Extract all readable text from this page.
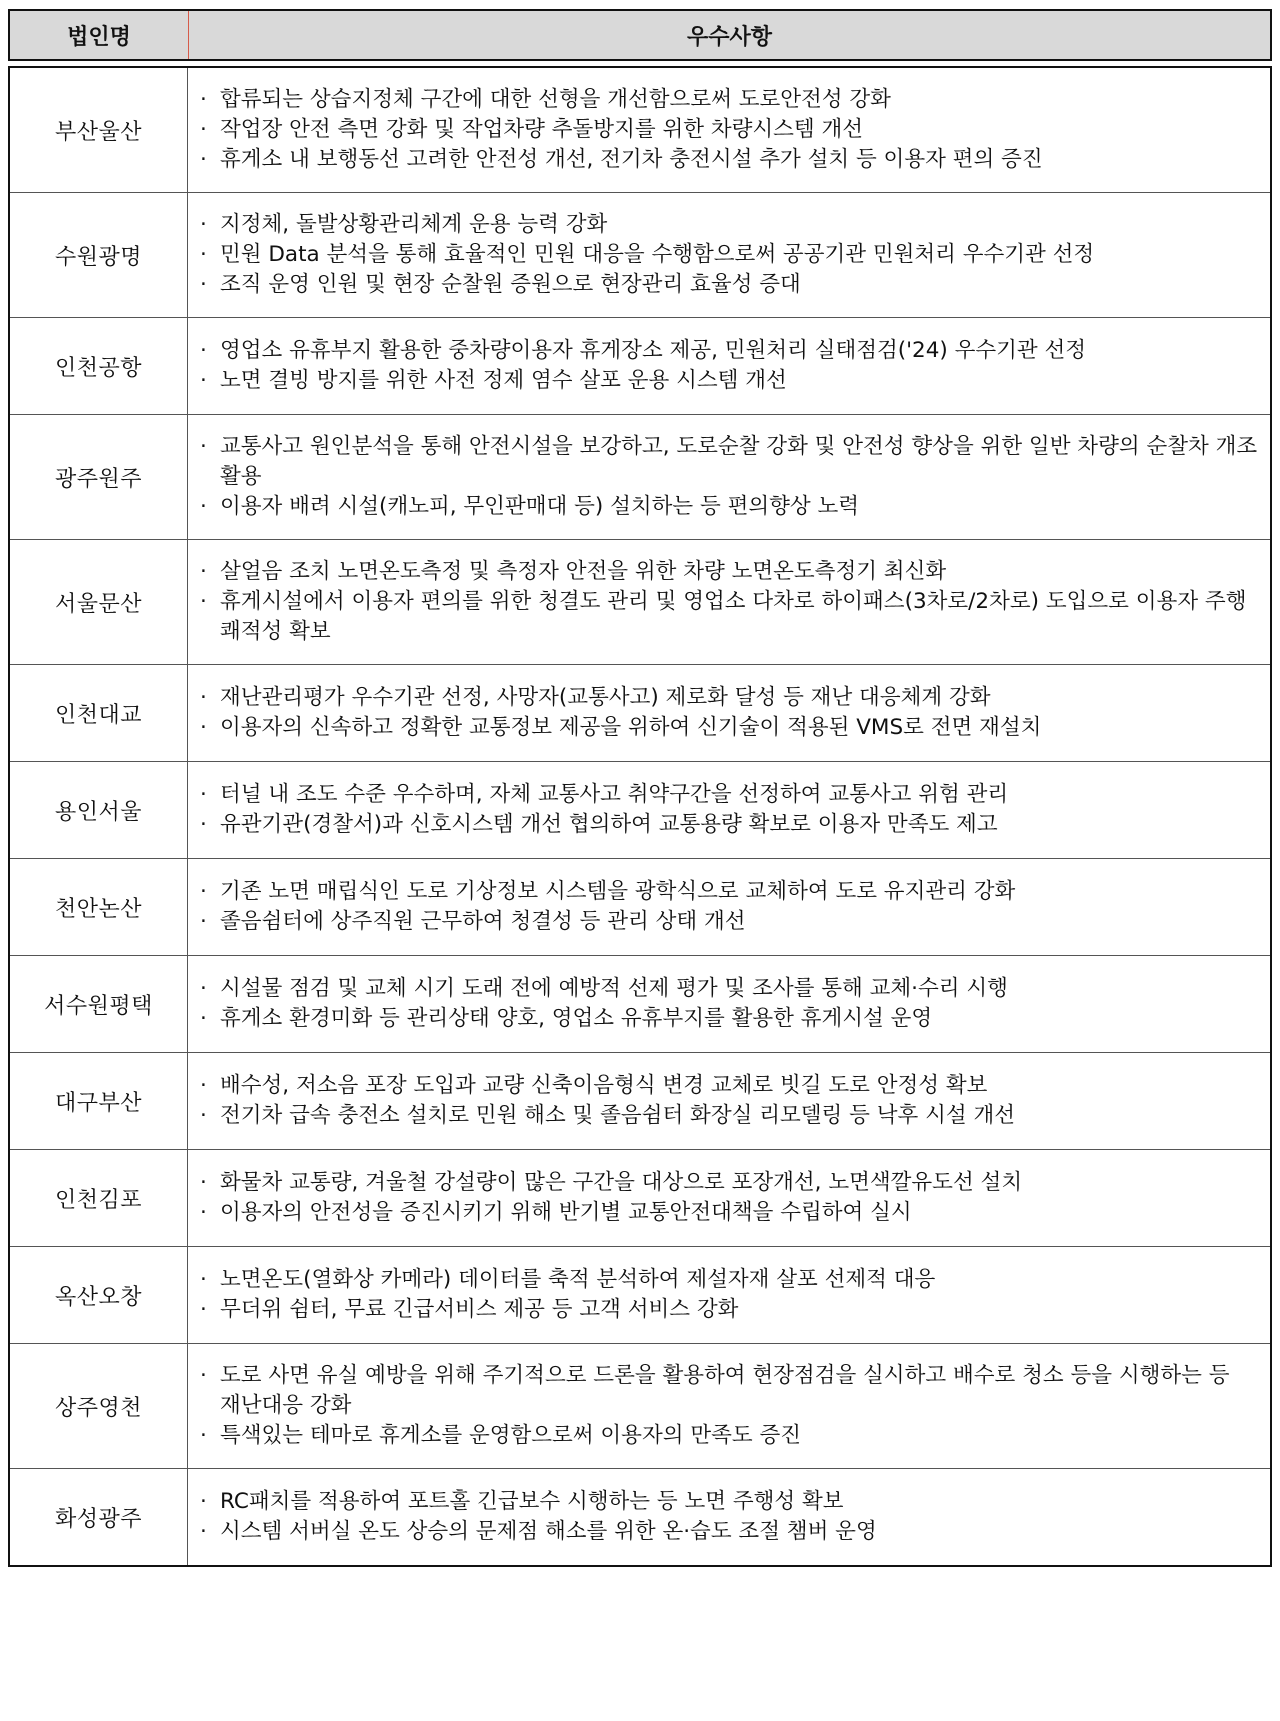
법인명	우수사항
부산울산
· 합류되는 상습지정체 구간에 대한 선형을 개선함으로써 도로안전성 강화
· 작업장 안전 측면 강화 및 작업차량 추돌방지를 위한 차량시스템 개선
· 휴게소 내 보행동선 고려한 안전성 개선, 전기차 충전시설 추가 설치 등 이용자 편의 증진
수원광명
· 지정체, 돌발상황관리체계 운용 능력 강화
· 민원 Data 분석을 통해 효율적인 민원 대응을 수행함으로써 공공기관 민원처리 우수기관 선정
· 조직 운영 인원 및 현장 순찰원 증원으로 현장관리 효율성 증대
인천공항
· 영업소 유휴부지 활용한 중차량이용자 휴게장소 제공, 민원처리 실태점검('24) 우수기관 선정
· 노면 결빙 방지를 위한 사전 정제 염수 살포 운용 시스템 개선
광주원주
· 교통사고 원인분석을 통해 안전시설을 보강하고, 도로순찰 강화 및 안전성 향상을 위한 일반 차량의 순찰차 개조 활용
· 이용자 배려 시설(캐노피, 무인판매대 등) 설치하는 등 편의향상 노력
서울문산
· 살얼음 조치 노면온도측정 및 측정자 안전을 위한 차량 노면온도측정기 최신화
· 휴게시설에서 이용자 편의를 위한 청결도 관리 및 영업소 다차로 하이패스(3차로/2차로) 도입으로 이용자 주행 쾌적성 확보
인천대교
· 재난관리평가 우수기관 선정, 사망자(교통사고) 제로화 달성 등 재난 대응체계 강화
· 이용자의 신속하고 정확한 교통정보 제공을 위하여 신기술이 적용된 VMS로 전면 재설치
용인서울
· 터널 내 조도 수준 우수하며, 자체 교통사고 취약구간을 선정하여 교통사고 위험 관리
· 유관기관(경찰서)과 신호시스템 개선 협의하여 교통용량 확보로 이용자 만족도 제고
천안논산
· 기존 노면 매립식인 도로 기상정보 시스템을 광학식으로 교체하여 도로 유지관리 강화
· 졸음쉼터에 상주직원 근무하여 청결성 등 관리 상태 개선
서수원평택
· 시설물 점검 및 교체 시기 도래 전에 예방적 선제 평가 및 조사를 통해 교체·수리 시행
· 휴게소 환경미화 등 관리상태 양호, 영업소 유휴부지를 활용한 휴게시설 운영
대구부산
· 배수성, 저소음 포장 도입과 교량 신축이음형식 변경 교체로 빗길 도로 안정성 확보
· 전기차 급속 충전소 설치로 민원 해소 및 졸음쉼터 화장실 리모델링 등 낙후 시설 개선
인천김포
· 화물차 교통량, 겨울철 강설량이 많은 구간을 대상으로 포장개선, 노면색깔유도선 설치
· 이용자의 안전성을 증진시키기 위해 반기별 교통안전대책을 수립하여 실시
옥산오창
· 노면온도(열화상 카메라) 데이터를 축적 분석하여 제설자재 살포 선제적 대응
· 무더위 쉼터, 무료 긴급서비스 제공 등 고객 서비스 강화
상주영천
· 도로 사면 유실 예방을 위해 주기적으로 드론을 활용하여 현장점검을 실시하고 배수로 청소 등을 시행하는 등 재난대응 강화
· 특색있는 테마로 휴게소를 운영함으로써 이용자의 만족도 증진
화성광주
· RC패치를 적용하여 포트홀 긴급보수 시행하는 등 노면 주행성 확보
· 시스템 서버실 온도 상승의 문제점 해소를 위한 온·습도 조절 챔버 운영
